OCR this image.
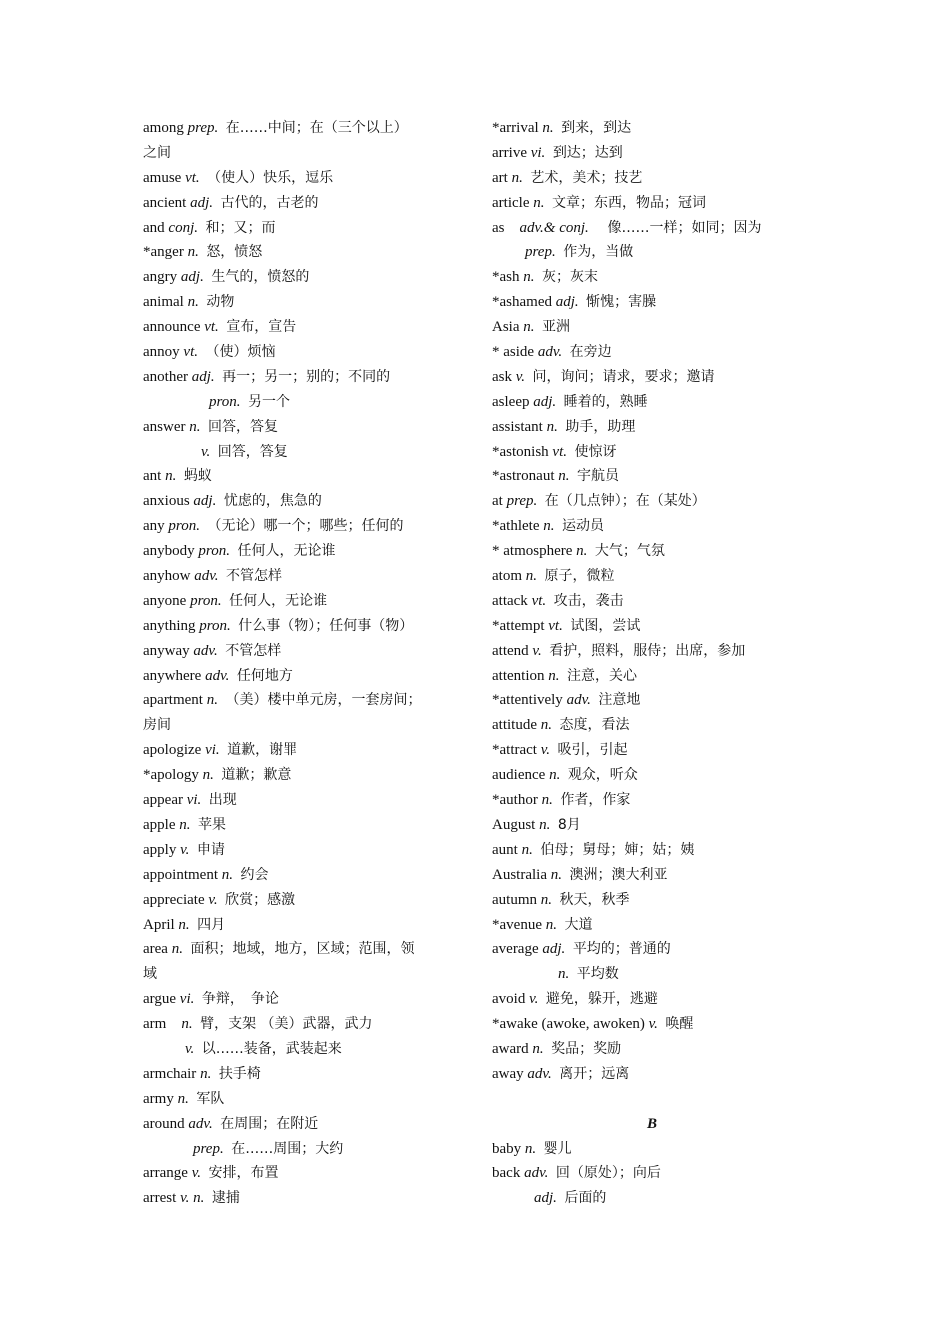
among prep. 在……中间；在（三个以上）
之间
amuse vt. （使人）快乐，逗乐
ancient adj. 古代的，古老的
and conj. 和；又；而
*anger n. 怒，愤怒
angry adj. 生气的，愤怒的
animal n. 动物
announce vt. 宣布，宣告
annoy vt. （使）烦恼
another adj. 再一；另一；别的；不同的
pron. 另一个
answer n. 回答，答复
v. 回答，答复
ant n. 蚂蚁
anxious adj. 忧虑的，焦急的
any pron. （无论）哪一个；哪些；任何的
anybody pron. 任何人，无论谁
anyhow adv. 不管怎样
anyone pron. 任何人，无论谁
anything pron. 什么事（物）；任何事（物）
anyway adv. 不管怎样
anywhere adv. 任何地方
apartment n. （美）楼中单元房，一套房间；
房间
apologize vi. 道歉，谢罪
*apology n. 道歉；歉意
appear vi. 出现
apple n. 苹果
apply v. 申请
appointment n. 约会
appreciate v. 欣赏；感激
April n. 四月
area n. 面积；地域，地方，区域；范围，领
域
argue vi. 争辩，　争论
arm n. 臂，支架 （美）武器，武力
v. 以……装备，武装起来
armchair n. 扶手椅
army n. 军队
around adv. 在周围；在附近
prep. 在……周围；大约
arrange v. 安排，布置
arrest v. n. 逮捕
*arrival n. 到来，到达
arrive vi. 到达；达到
art n. 艺术，美术；技艺
article n. 文章；东西，物品；冠词
as adv.& conj. 像……一样；如同；因为
prep. 作为，当做
*ash n. 灰；灰末
*ashamed adj. 惭愧；害臊
Asia n. 亚洲
* aside adv. 在旁边
ask v. 问，询问；请求，要求；邀请
asleep adj. 睡着的，熟睡
assistant n. 助手，助理
*astonish vt. 使惊讶
*astronaut n. 宇航员
at prep. 在（几点钟）；在（某处）
*athlete n. 运动员
* atmosphere n. 大气；气氛
atom n. 原子，微粒
attack vt. 攻击，袭击
*attempt vt. 试图，尝试
attend v. 看护，照料，服侍；出席，参加
attention n. 注意，关心
*attentively adv. 注意地
attitude n. 态度，看法
*attract v. 吸引，引起
audience n. 观众，听众
*author n. 作者，作家
August n. 8月
aunt n. 伯母；舅母；婶；姑；姨
Australia n. 澳洲；澳大利亚
autumn n. 秋天，秋季
*avenue n. 大道
average adj. 平均的；普通的
n. 平均数
avoid v. 避免，躲开，逃避
*awake (awoke, awoken) v. 唤醒
award n. 奖品；奖励
away adv. 离开；远离
B
baby n. 婴儿
back adv. 回（原处）；向后
adj. 后面的
